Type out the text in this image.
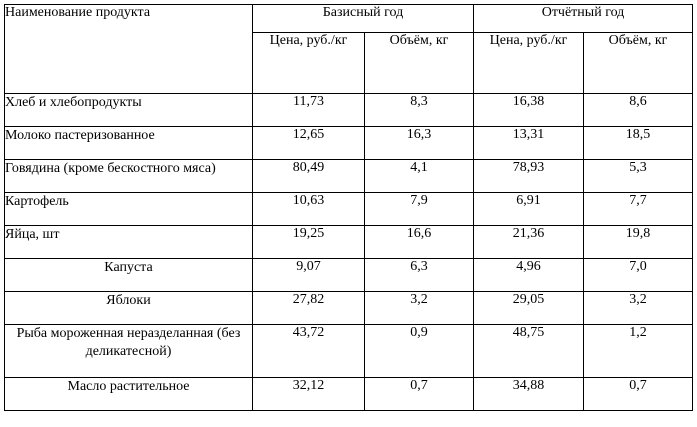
Наименование продукта	Базисный год		Отчётный год	
	Цена, руб./кг	Объём, кг	Цена, руб./кг	Объём, кг
Хлеб и хлебопродукты	11,73	8,3	16,38	8,6
Молоко пастеризованное	12,65	16,3	13,31	18,5
Говядина (кроме бескостного мяса)	80,49	4,1	78,93	5,3
Картофель	10,63	7,9	6,91	7,7
Яйца, шт	19,25	16,6	21,36	19,8
Капуста	9,07	6,3	4,96	7,0
Яблоки	27,82	3,2	29,05	3,2
Рыба мороженная неразделанная (без деликатесной)	43,72	0,9	48,75	1,2
Масло растительное	32,12	0,7	34,88	0,7
